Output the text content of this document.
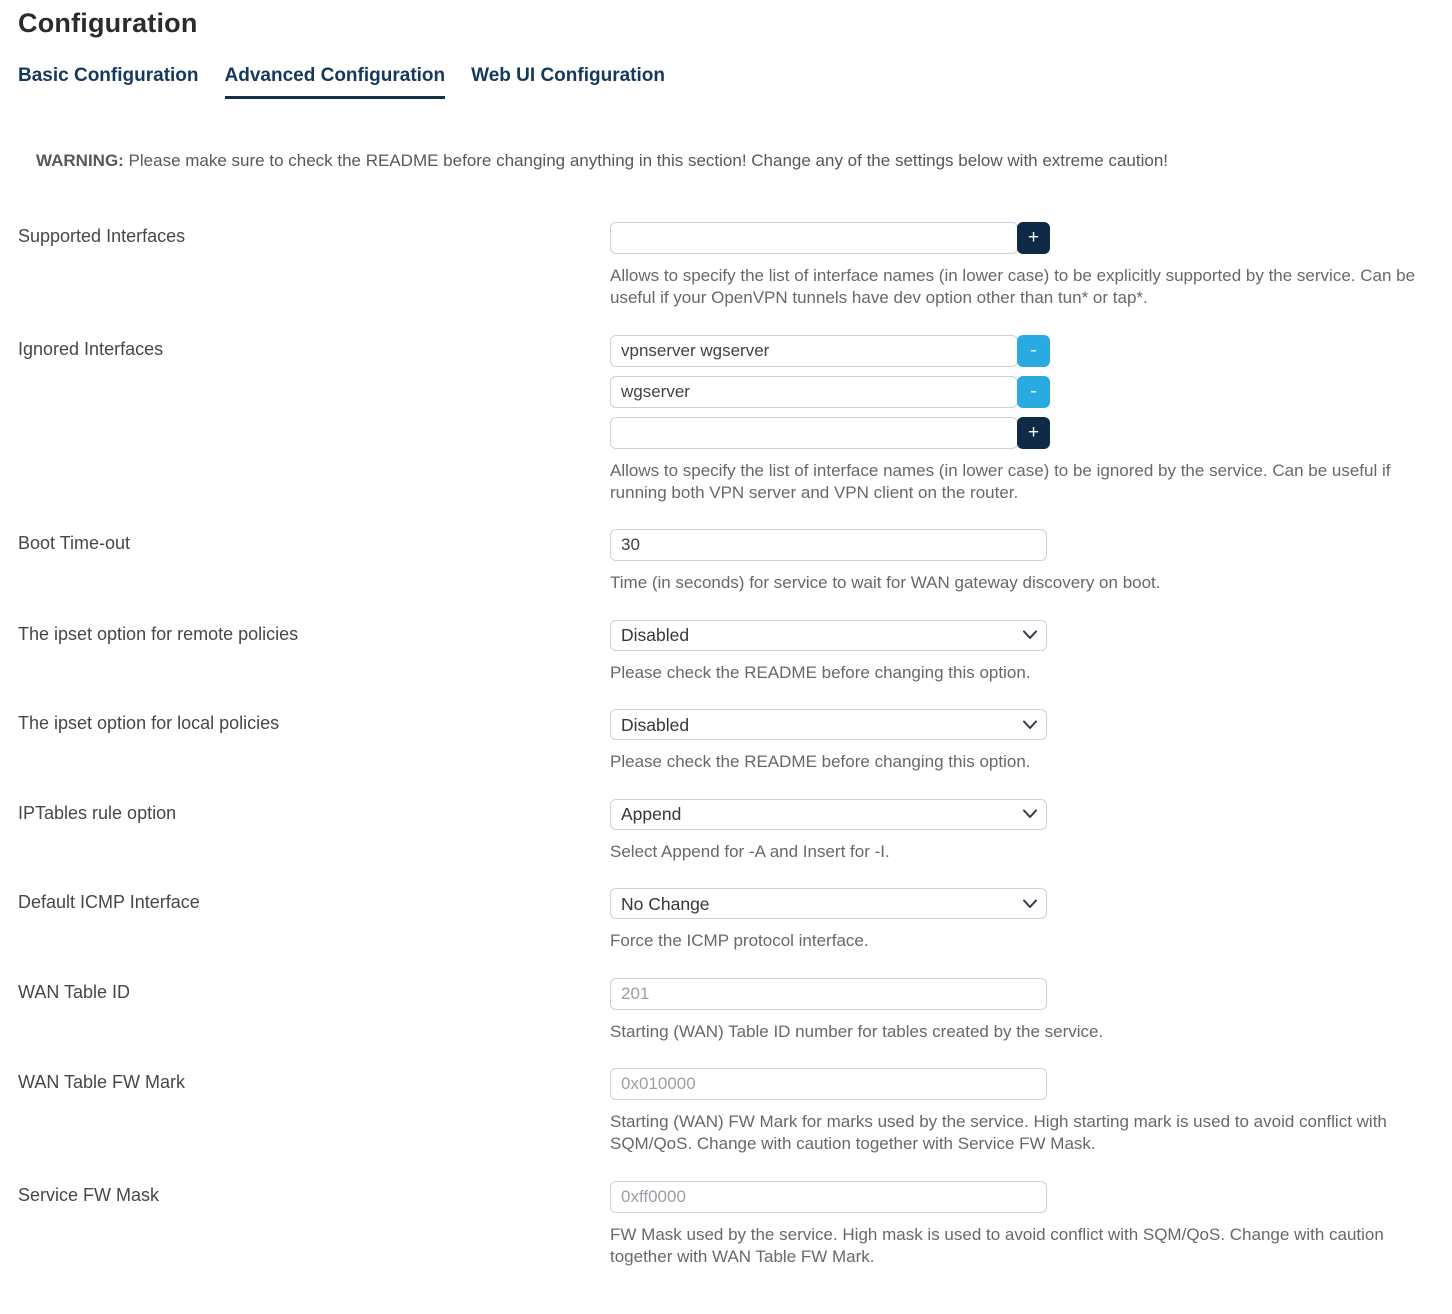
Configuration
Basic Configuration Advanced Configuration Web UI Configuration

WARNING: Please make sure to check the README before changing anything in this section! Change any of the settings below with extreme caution!

Supported Interfaces	+
Allows to specify the list of interface names (in lower case) to be explicitly supported by the service. Can be useful if your OpenVPN tunnels have dev option other than tun* or tap*.
Ignored Interfaces
vpnserver wgserver	-
wgserver
-
+
Allows to specify the list of interface names (in lower case) to be ignored by the service. Can be useful if running both VPN server and VPN client on the router.
Boot Time-out
30
Time (in seconds) for service to wait for WAN gateway discovery on boot.
The ipset option for remote policies
Disabled
Please check the README before changing this option.
The ipset option for local policies
Disabled
Please check the README before changing this option.
IPTables rule option
Append
Select Append for -A and Insert for -I.
Default ICMP Interface
No Change
Force the ICMP protocol interface.
WAN Table ID
201
Starting (WAN) Table ID number for tables created by the service.
WAN Table FW Mark
0x010000
Starting (WAN) FW Mark for marks used by the service. High starting mark is used to avoid conflict with SQM/QoS. Change with caution together with Service FW Mask.
Service FW Mask
0xff0000
FW Mask used by the service. High mask is used to avoid conflict with SQM/QoS. Change with caution together with WAN Table FW Mark.
